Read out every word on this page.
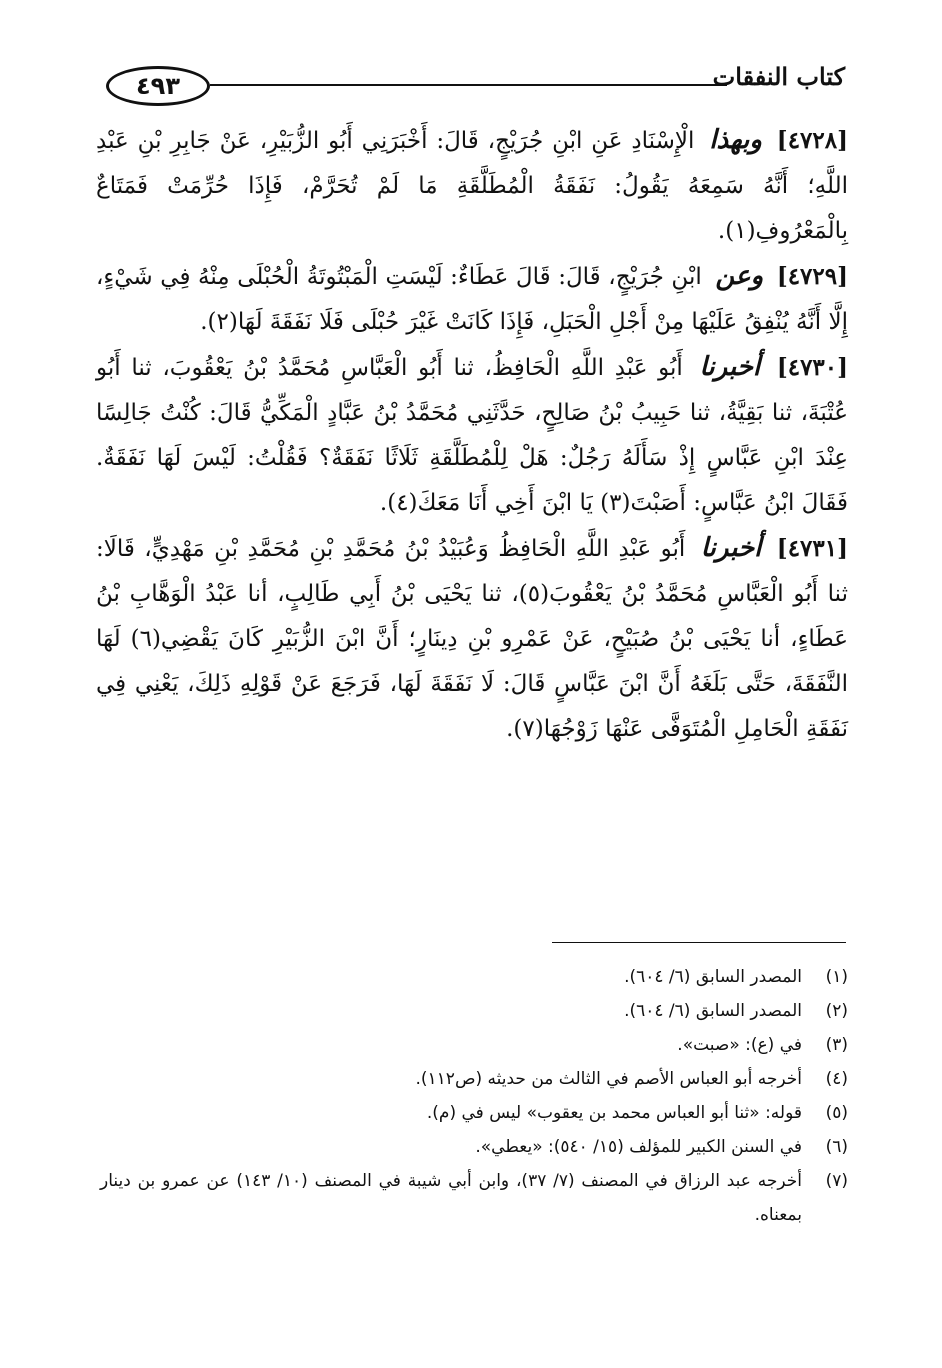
٤٩٣	كتاب النفقات

[٤٧٢٨] وبهذا الْإِسْنَادِ عَنِ ابْنِ جُرَيْجٍ، قَالَ: أَخْبَرَنِي أَبُو الزُّبَيْرِ، عَنْ جَابِرِ بْنِ عَبْدِ اللَّهِ؛ أَنَّهُ سَمِعَهُ يَقُولُ: نَفَقَةُ الْمُطَلَّقَةِ مَا لَمْ تُحَرَّمْ، فَإِذَا حُرِّمَتْ فَمَتَاعٌ بِالْمَعْرُوفِ(١).

[٤٧٢٩] وعن ابْنِ جُرَيْجٍ، قَالَ: قَالَ عَطَاءٌ: لَيْسَتِ الْمَبْتُوتَةُ الْحُبْلَى مِنْهُ فِي شَيْءٍ، إِلَّا أَنَّهُ يُنْفِقُ عَلَيْهَا مِنْ أَجْلِ الْحَبَلِ، فَإِذَا كَانَتْ غَيْرَ حُبْلَى فَلَا نَفَقَةَ لَهَا(٢).

[٤٧٣٠] أخبرنا أَبُو عَبْدِ اللَّهِ الْحَافِظُ، ثنا أَبُو الْعَبَّاسِ مُحَمَّدُ بْنُ يَعْقُوبَ، ثنا أَبُو عُتْبَةَ، ثنا بَقِيَّةُ، ثنا حَبِيبُ بْنُ صَالِحٍ، حَدَّثَنِي مُحَمَّدُ بْنُ عَبَّادٍ الْمَكِّيُّ قَالَ: كُنْتُ جَالِسًا عِنْدَ ابْنِ عَبَّاسٍ إِذْ سَأَلَهُ رَجُلٌ: هَلْ لِلْمُطَلَّقَةِ ثَلَاثًا نَفَقَةٌ؟ فَقُلْتُ: لَيْسَ لَهَا نَفَقَةٌ. فَقَالَ ابْنُ عَبَّاسٍ: أَصَبْتَ(٣) يَا ابْنَ أَخِي أَنَا مَعَكَ(٤).

[٤٧٣١] أخبرنا أَبُو عَبْدِ اللَّهِ الْحَافِظُ وَعُبَيْدُ بْنُ مُحَمَّدِ بْنِ مُحَمَّدِ بْنِ مَهْدِيٍّ، قَالَا: ثنا أَبُو الْعَبَّاسِ مُحَمَّدُ بْنُ يَعْقُوبَ(٥)، ثنا يَحْيَى بْنُ أَبِي طَالِبٍ، أنا عَبْدُ الْوَهَّابِ بْنُ عَطَاءٍ، أنا يَحْيَى بْنُ صُبَيْحٍ، عَنْ عَمْرِو بْنِ دِينَارٍ؛ أَنَّ ابْنَ الزُّبَيْرِ كَانَ يَقْضِي(٦) لَهَا النَّفَقَةَ، حَتَّى بَلَغَهُ أَنَّ ابْنَ عَبَّاسٍ قَالَ: لَا نَفَقَةَ لَهَا، فَرَجَعَ عَنْ قَوْلِهِ ذَلِكَ، يَعْنِي فِي نَفَقَةِ الْحَامِلِ الْمُتَوَفَّى عَنْهَا زَوْجُهَا(٧).

(١)
المصدر السابق (٦/ ٦٠٤).
(٢)
المصدر السابق (٦/ ٦٠٤).
(٣)
في (ع): «صبت».
(٤)
أخرجه أبو العباس الأصم في الثالث من حديثه (ص١١٢).
(٥)
قوله: «ثنا أبو العباس محمد بن يعقوب» ليس في (م).
(٦)
في السنن الكبير للمؤلف (١٥/ ٥٤٠): «يعطي».
(٧)
أخرجه عبد الرزاق في المصنف (٧/ ٣٧)، وابن أبي شيبة في المصنف (١٠/ ١٤٣) عن عمرو بن دينار بمعناه.
